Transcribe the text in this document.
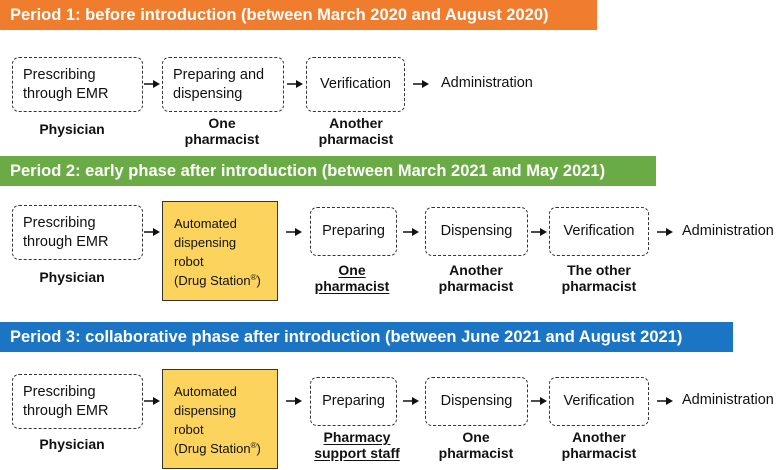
Period 1: before introduction (between March 2020 and August 2020)
Prescribing
through EMR
Preparing and
dispensing
Verification	Administration
Physician	One
pharmacist
Another
pharmacist
Period 2: early phase after introduction (between March 2021 and May 2021)
Prescribing
through EMR
Automated
dispensing
robot
(Drug Station®)
Preparing	Dispensing	Verification	Administration
Physician	One
pharmacist
Another
pharmacist
The other
pharmacist
Period 3: collaborative phase after introduction (between June 2021 and August 2021)
Prescribing
through EMR
Automated
dispensing
robot
(Drug Station®)
Preparing	Dispensing	Verification	Administration
Physician	Pharmacy
support staff
One
pharmacist
Another
pharmacist
